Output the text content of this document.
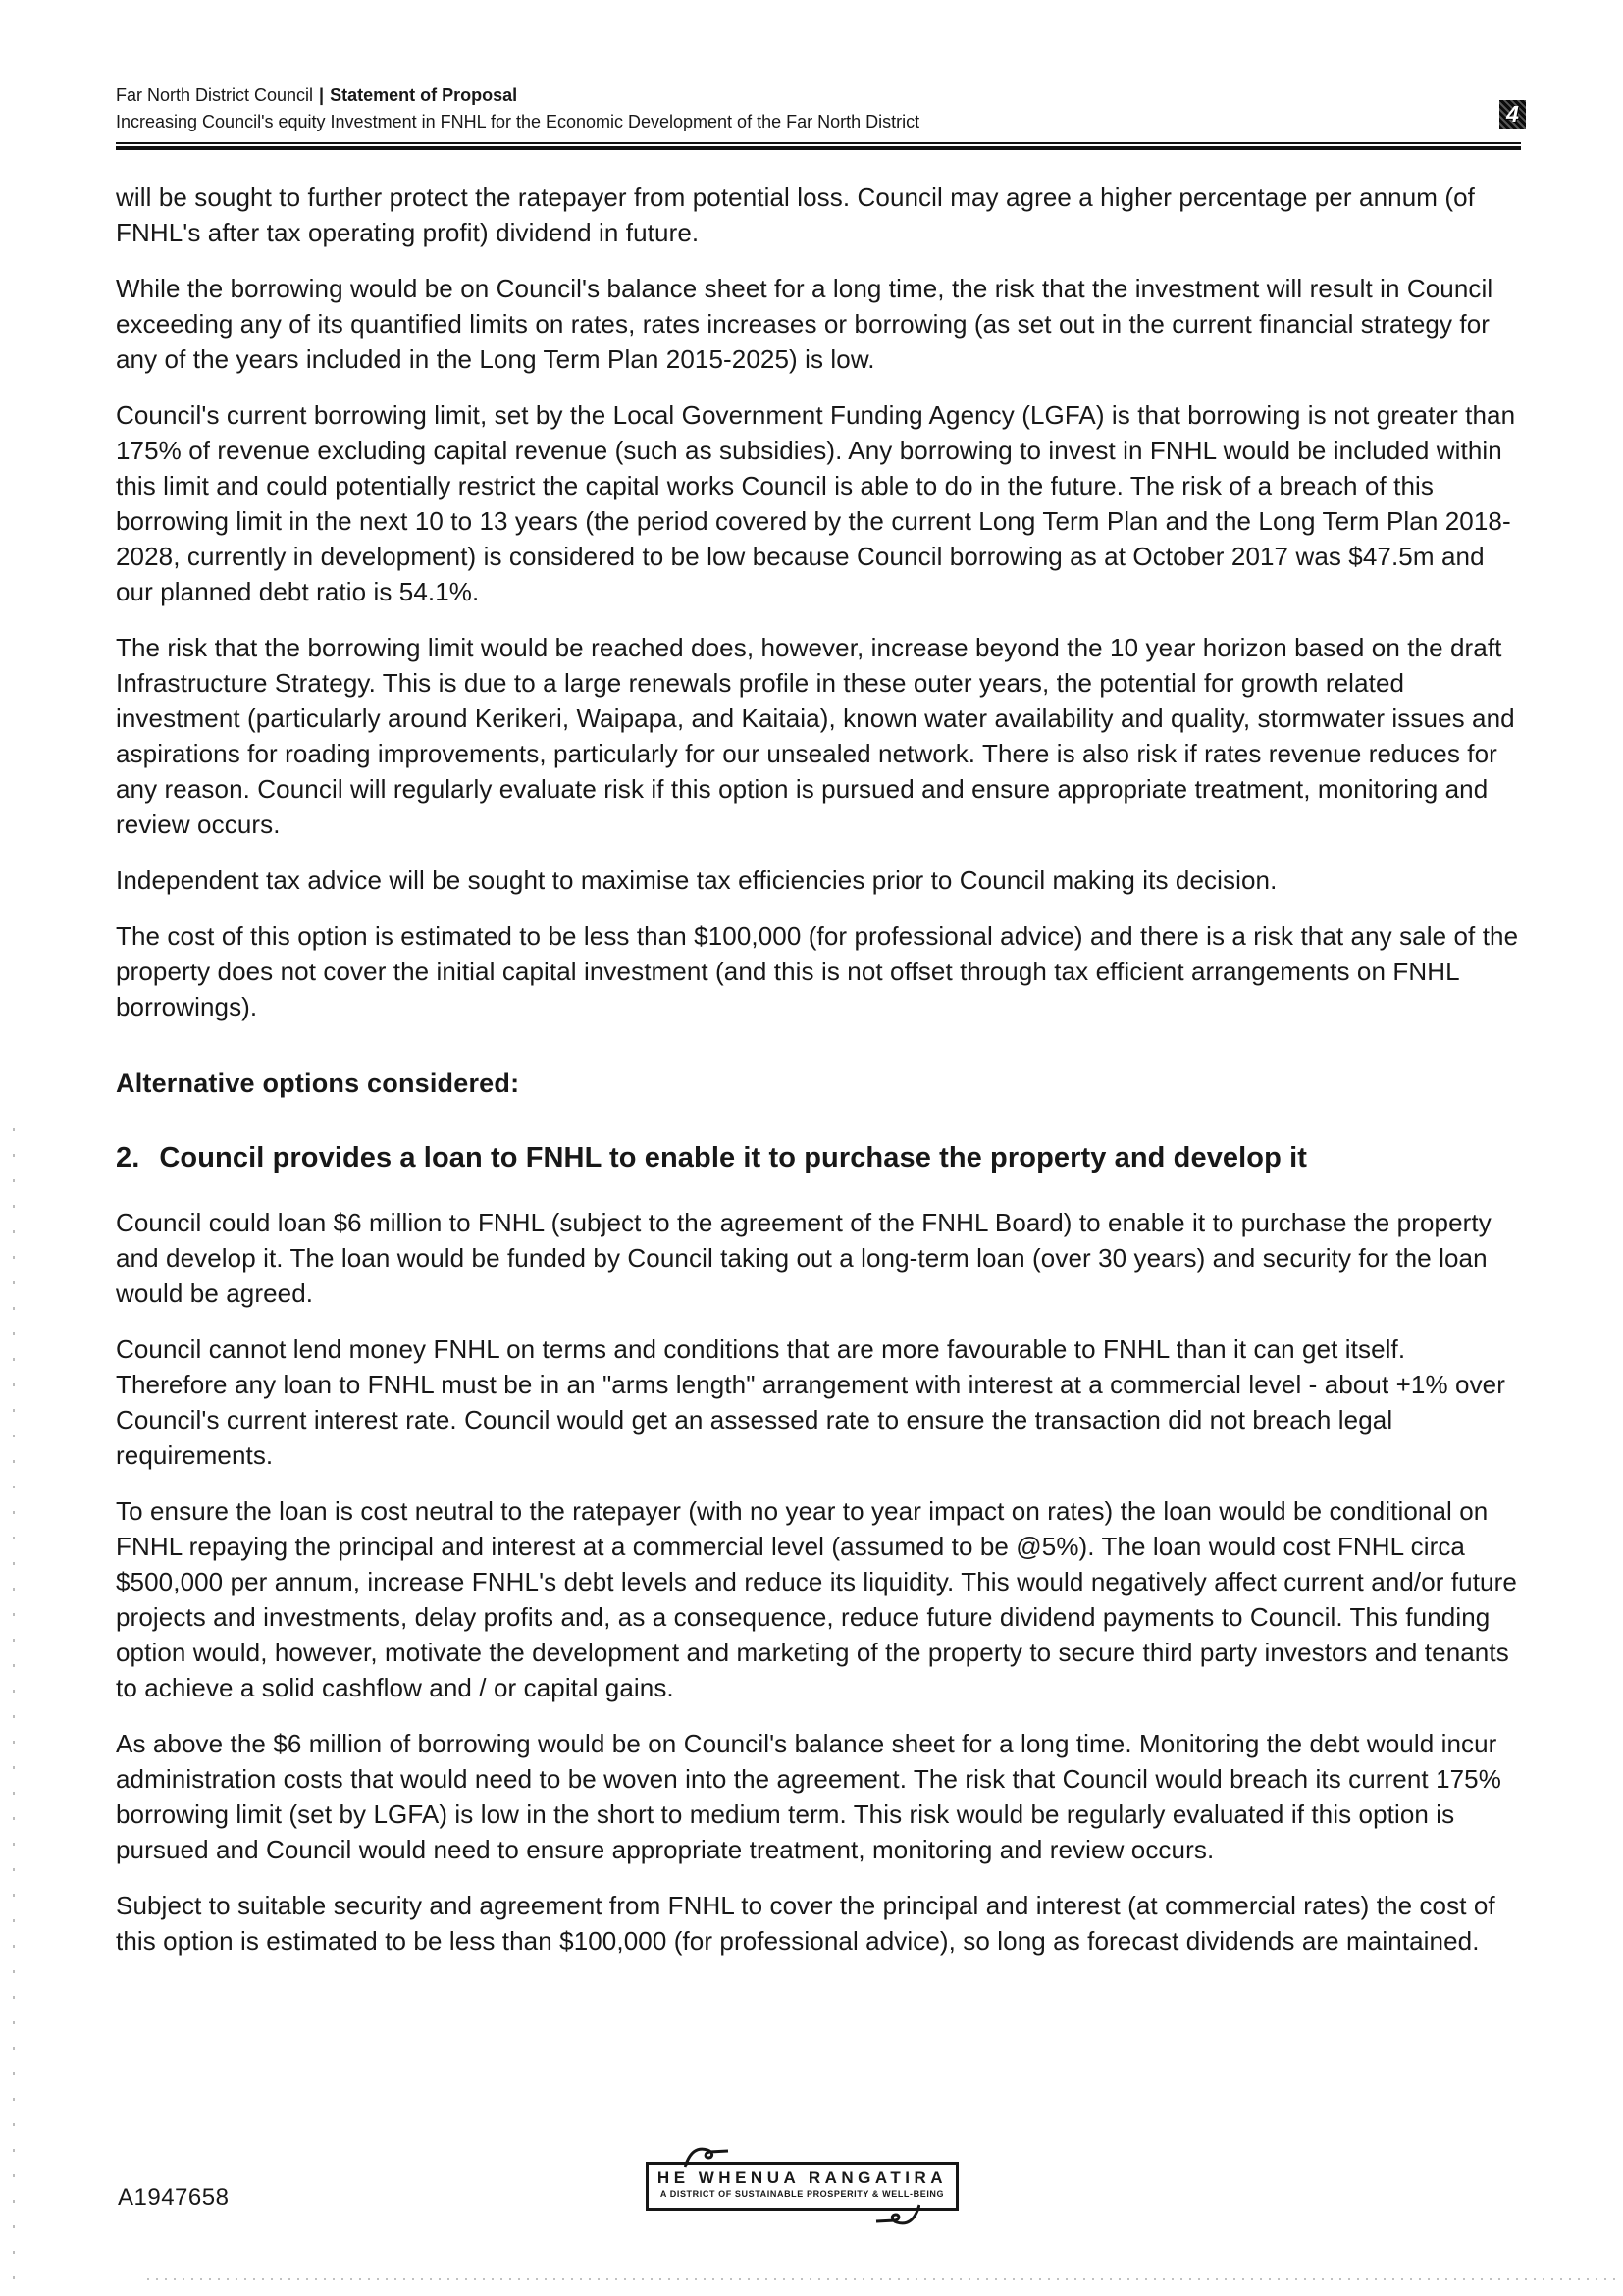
Far North District Council | Statement of Proposal
Increasing Council's equity Investment in FNHL for the Economic Development of the Far North District	4

will be sought to further protect the ratepayer from potential loss. Council may agree a higher percentage per annum (of FNHL's after tax operating profit) dividend in future.

While the borrowing would be on Council's balance sheet for a long time, the risk that the investment will result in Council exceeding any of its quantified limits on rates, rates increases or borrowing (as set out in the current financial strategy for any of the years included in the Long Term Plan 2015-2025) is low.

Council's current borrowing limit, set by the Local Government Funding Agency (LGFA) is that borrowing is not greater than 175% of revenue excluding capital revenue (such as subsidies). Any borrowing to invest in FNHL would be included within this limit and could potentially restrict the capital works Council is able to do in the future. The risk of a breach of this borrowing limit in the next 10 to 13 years (the period covered by the current Long Term Plan and the Long Term Plan 2018-2028, currently in development) is considered to be low because Council borrowing as at October 2017 was $47.5m and our planned debt ratio is 54.1%.

The risk that the borrowing limit would be reached does, however, increase beyond the 10 year horizon based on the draft Infrastructure Strategy. This is due to a large renewals profile in these outer years, the potential for growth related investment (particularly around Kerikeri, Waipapa, and Kaitaia), known water availability and quality, stormwater issues and aspirations for roading improvements, particularly for our unsealed network. There is also risk if rates revenue reduces for any reason. Council will regularly evaluate risk if this option is pursued and ensure appropriate treatment, monitoring and review occurs.

Independent tax advice will be sought to maximise tax efficiencies prior to Council making its decision.

The cost of this option is estimated to be less than $100,000 (for professional advice) and there is a risk that any sale of the property does not cover the initial capital investment (and this is not offset through tax efficient arrangements on FNHL borrowings).

Alternative options considered:
2. Council provides a loan to FNHL to enable it to purchase the property and develop it

Council could loan $6 million to FNHL (subject to the agreement of the FNHL Board) to enable it to purchase the property and develop it. The loan would be funded by Council taking out a long-term loan (over 30 years) and security for the loan would be agreed.

Council cannot lend money FNHL on terms and conditions that are more favourable to FNHL than it can get itself. Therefore any loan to FNHL must be in an "arms length" arrangement with interest at a commercial level - about +1% over Council's current interest rate. Council would get an assessed rate to ensure the transaction did not breach legal requirements.

To ensure the loan is cost neutral to the ratepayer (with no year to year impact on rates) the loan would be conditional on FNHL repaying the principal and interest at a commercial level (assumed to be @5%). The loan would cost FNHL circa $500,000 per annum, increase FNHL's debt levels and reduce its liquidity. This would negatively affect current and/or future projects and investments, delay profits and, as a consequence, reduce future dividend payments to Council. This funding option would, however, motivate the development and marketing of the property to secure third party investors and tenants to achieve a solid cashflow and / or capital gains.

As above the $6 million of borrowing would be on Council's balance sheet for a long time. Monitoring the debt would incur administration costs that would need to be woven into the agreement. The risk that Council would breach its current 175% borrowing limit (set by LGFA) is low in the short to medium term. This risk would be regularly evaluated if this option is pursued and Council would need to ensure appropriate treatment, monitoring and review occurs.

Subject to suitable security and agreement from FNHL to cover the principal and interest (at commercial rates) the cost of this option is estimated to be less than $100,000 (for professional advice), so long as forecast dividends are maintained.

A1947658
HE WHENUA RANGATIRA
A DISTRICT OF SUSTAINABLE PROSPERITY & WELL-BEING
